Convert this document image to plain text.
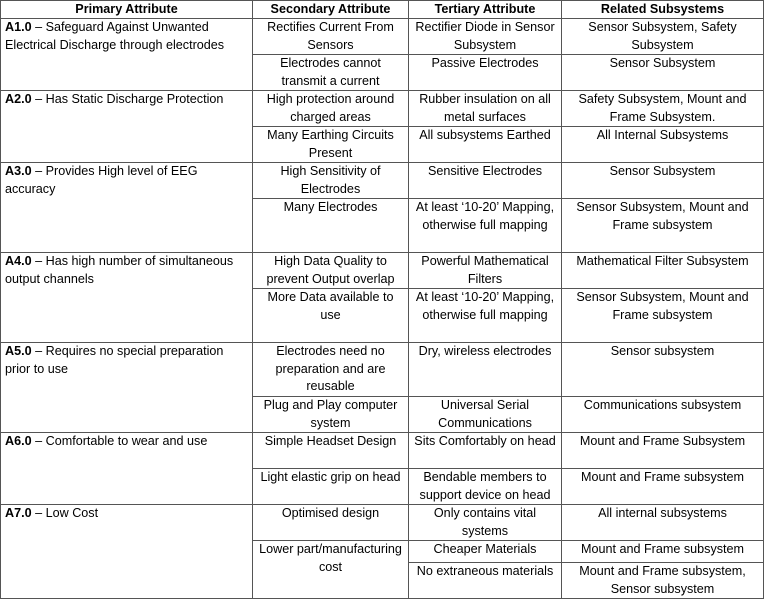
Primary Attribute	Secondary Attribute	Tertiary Attribute	Related Subsystems
A1.0 – Safeguard Against Unwanted Electrical Discharge through electrodes	Rectifies Current From Sensors	Rectifier Diode in Sensor Subsystem	Sensor Subsystem, Safety Subsystem
	Electrodes cannot transmit a current	Passive Electrodes	Sensor Subsystem
A2.0 – Has Static Discharge Protection	High protection around charged areas	Rubber insulation on all metal surfaces	Safety Subsystem, Mount and Frame Subsystem.
	Many Earthing Circuits Present	All subsystems Earthed	All Internal Subsystems
A3.0 – Provides High level of EEG accuracy	High Sensitivity of Electrodes	Sensitive Electrodes	Sensor Subsystem
	Many Electrodes	At least ‘10-20’ Mapping, otherwise full mapping	Sensor Subsystem, Mount and Frame subsystem
A4.0 – Has high number of simultaneous output channels	High Data Quality to prevent Output overlap	Powerful Mathematical Filters	Mathematical Filter Subsystem
	More Data available to use	At least ‘10-20’ Mapping, otherwise full mapping	Sensor Subsystem, Mount and Frame subsystem
A5.0 – Requires no special preparation prior to use	Electrodes need no preparation and are reusable	Dry, wireless electrodes	Sensor subsystem
	Plug and Play computer system	Universal Serial Communications	Communications subsystem
A6.0 – Comfortable to wear and use	Simple Headset Design	Sits Comfortably on head	Mount and Frame Subsystem
	Light elastic grip on head	Bendable members to support device on head	Mount and Frame subsystem
A7.0 – Low Cost	Optimised design	Only contains vital systems	All internal subsystems
	Lower part/manufacturing cost	Cheaper Materials	Mount and Frame subsystem
		No extraneous materials	Mount and Frame subsystem, Sensor subsystem
